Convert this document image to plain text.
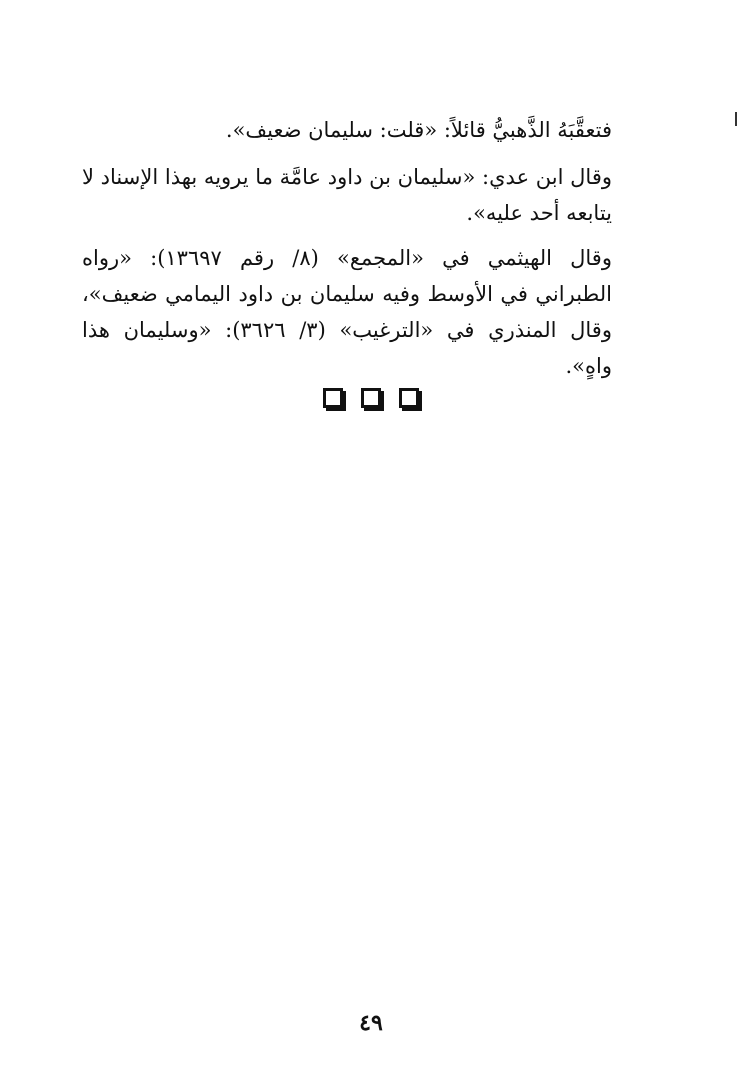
فتعقَّبَهُ الذَّهبيُّ قائلاً: «قلت: سليمان ضعيف».

وقال ابن عدي: «سليمان بن داود عامَّة ما يرويه بهذا الإسناد لا يتابعه أحد عليه».

وقال الهيثمي في «المجمع» (٨/ رقم ١٣٦٩٧): «رواه الطبراني في الأوسط وفيه سليمان بن داود اليمامي ضعيف»، وقال المنذري في «الترغيب» (٣/ ٣٦٢٦): «وسليمان هذا واهٍ».

٤٩
